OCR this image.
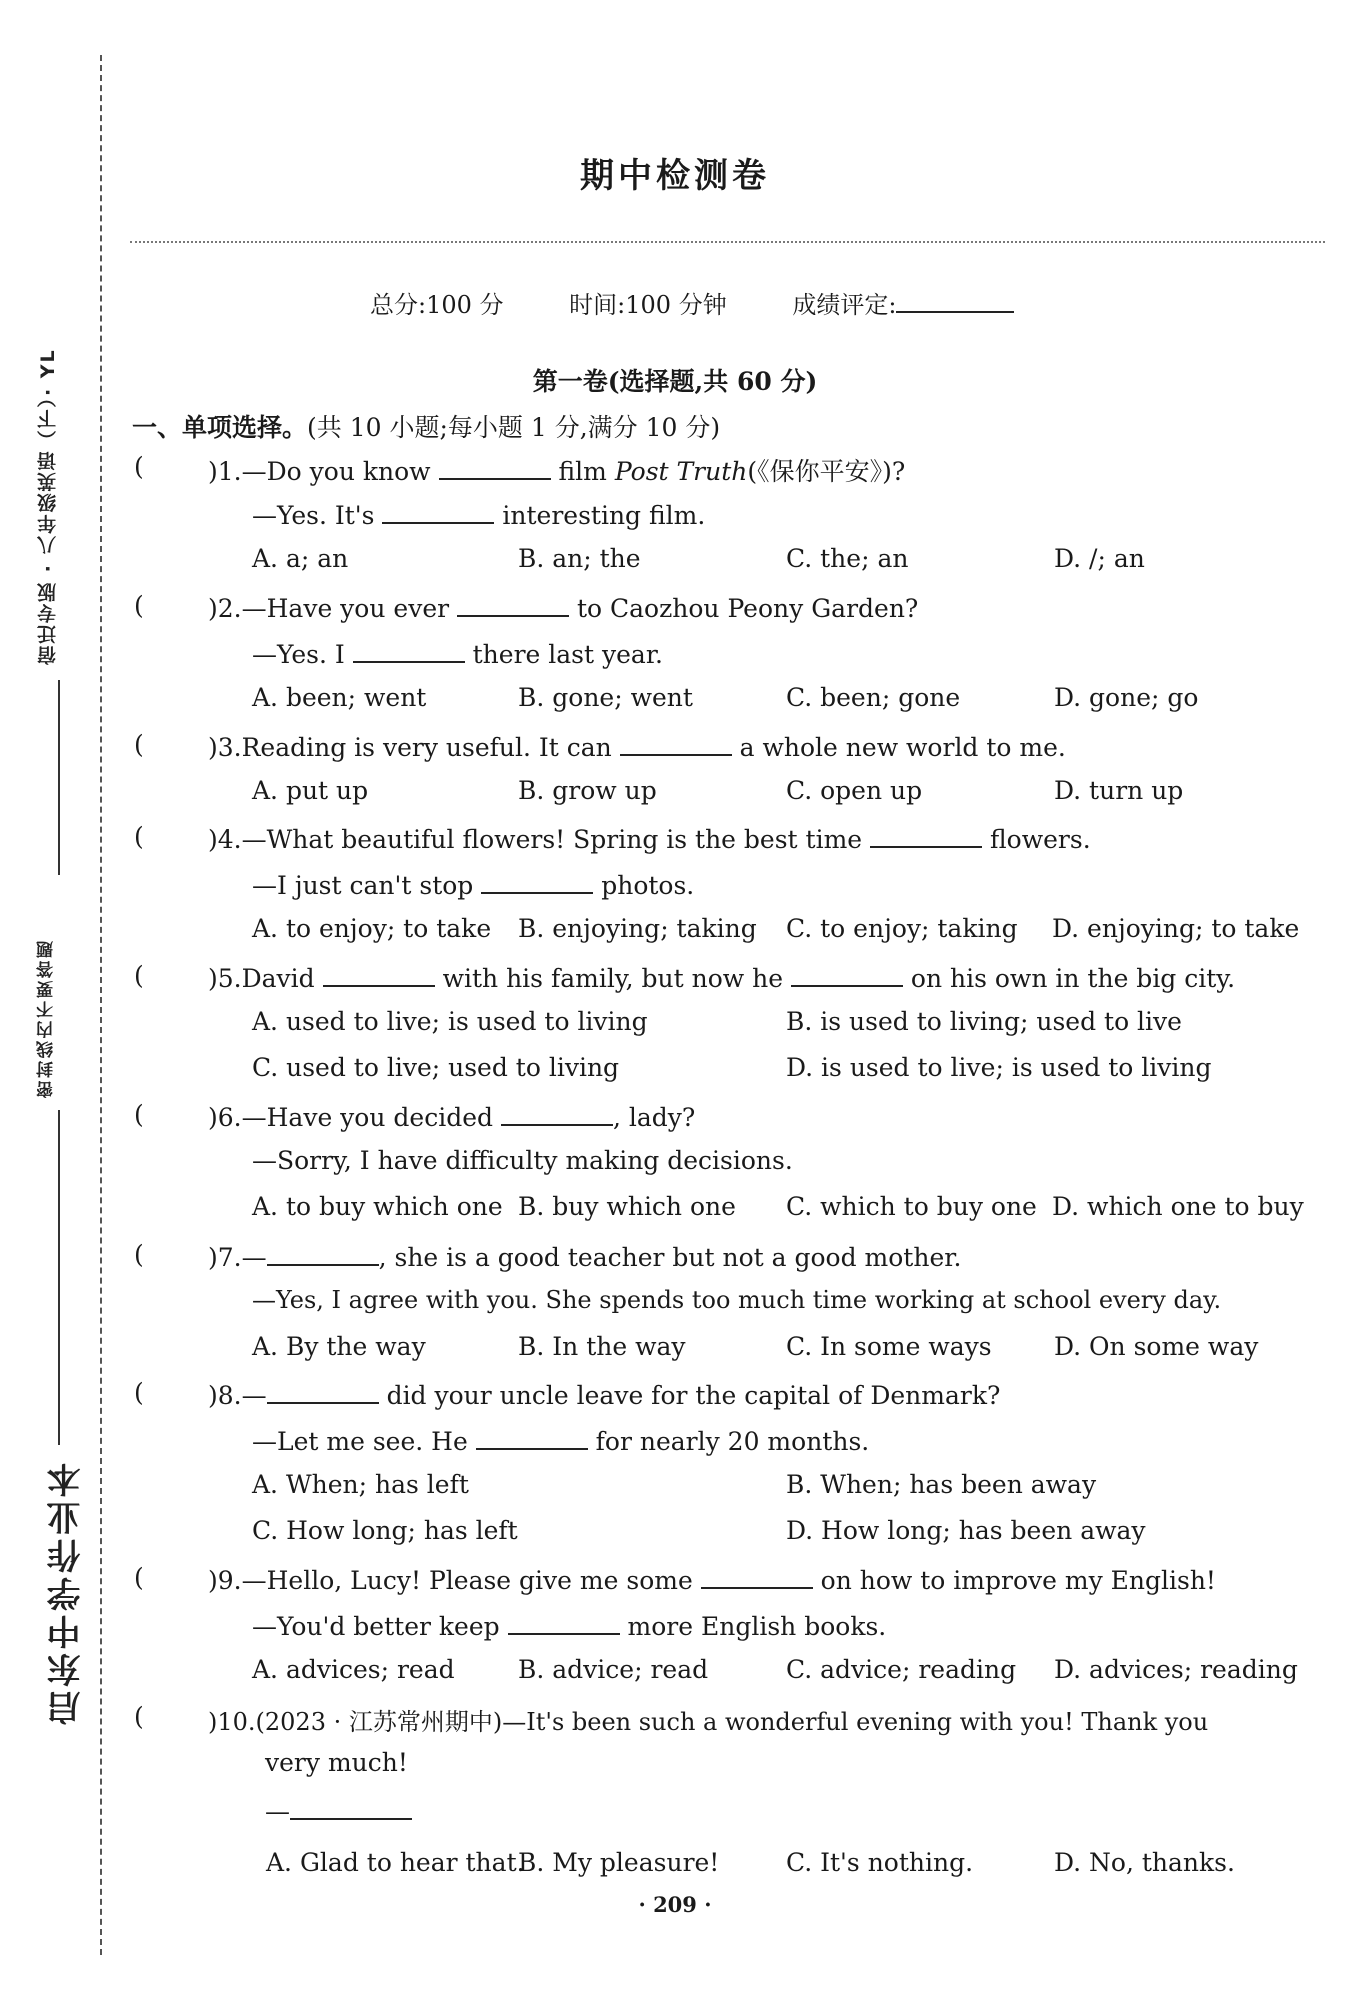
宿迁专版 · 八年级英语（下）· YL
密封线内不要答题
启东中学作业本
期中检测卷
总分:100 分	时间:100 分钟	成绩评定:
第一卷(选择题,共 60 分)
一、单项选择。(共 10 小题;每小题 1 分,满分 10 分)
(	)1.—Do you know	film Post Truth(《保你平安》)?
—Yes. It's	interesting film.
A. a; an	B. an; the	C. the; an	D. /; an
(	)2.—Have you ever	to Caozhou Peony Garden?
—Yes. I	there last year.
A. been; went	B. gone; went	C. been; gone	D. gone; go
(	)3.Reading is very useful. It can	a whole new world to me.
A. put up	B. grow up	C. open up	D. turn up
(	)4.—What beautiful flowers! Spring is the best time	flowers.
—I just can't stop	photos.
A. to enjoy; to take B. enjoying; taking C. to enjoy; taking D. enjoying; to take
(	)5.David	with his family, but now he	on his own in the big city.
A. used to live; is used to living	B. is used to living; used to live
C. used to live; used to living	D. is used to live; is used to living
(	)6.—Have you decided	, lady?
—Sorry, I have difficulty making decisions.
A. to buy which one B. buy which one C. which to buy one D. which one to buy
(	)7.—	, she is a good teacher but not a good mother.
—Yes, I agree with you. She spends too much time working at school every day.
A. By the way	B. In the way	C. In some ways D. On some way
(	)8.—	did your uncle leave for the capital of Denmark?
—Let me see. He	for nearly 20 months.
A. When; has left	B. When; has been away
C. How long; has left	D. How long; has been away
(	)9.—Hello, Lucy! Please give me some	on how to improve my English!
—You'd better keep	more English books.
A. advices; read	B. advice; read	C. advice; reading D. advices; reading
(	)10.(2023 · 江苏常州期中)—It's been such a wonderful evening with you! Thank you
very much!
—
A. Glad to hear that.
B. My pleasure!	C. It's nothing.	D. No, thanks.
· 209 ·
